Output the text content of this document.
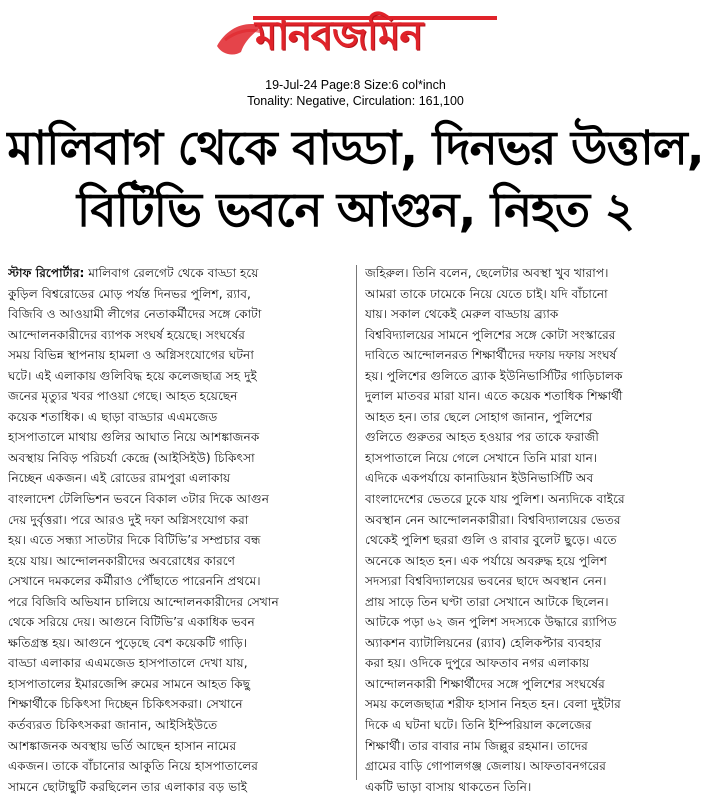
মানবজমিন
19-Jul-24 Page:8 Size:6 col*inch
Tonality: Negative, Circulation: 161,100
মালিবাগ থেকে বাড্ডা, দিনভর উত্তাল,
বিটিভি ভবনে আগুন, নিহত ২
স্টাফ রিপোর্টার: মালিবাগ রেলগেট থেকে বাড্ডা হয়ে
কুড়িল বিশ্বরোডের মোড় পর্যন্ত দিনভর পুলিশ, র‌্যাব,
বিজিবি ও আওয়ামী লীগের নেতাকর্মীদের সঙ্গে কোটা
আন্দোলনকারীদের ব্যাপক সংঘর্ষ হয়েছে। সংঘর্ষের
সময় বিভিন্ন স্থাপনায় হামলা ও অগ্নিসংযোগের ঘটনা
ঘটে। এই এলাকায় গুলিবিদ্ধ হয়ে কলেজছাত্র সহ দুই
জনের মৃত্যুর খবর পাওয়া গেছে। আহত হয়েছেন
কয়েক শতাধিক। এ ছাড়া বাড্ডার এএমজেড
হাসপাতালে মাথায় গুলির আঘাত নিয়ে আশঙ্কাজনক
অবস্থায় নিবিড় পরিচর্যা কেন্দ্রে (আইসিইউ) চিকিৎসা
নিচ্ছেন একজন। এই রোডের রামপুরা এলাকায়
বাংলাদেশ টেলিভিশন ভবনে বিকাল ৩টার দিকে আগুন
দেয় দুর্বৃত্তরা। পরে আরও দুই দফা অগ্নিসংযোগ করা
হয়। এতে সন্ধ্যা সাতটার দিকে বিটিভি’র সম্প্রচার বন্ধ
হয়ে যায়। আন্দোলনকারীদের অবরোধের কারণে
সেখানে দমকলের কর্মীরাও পৌঁছাতে পারেননি প্রথমে।
পরে বিজিবি অভিযান চালিয়ে আন্দোলনকারীদের সেখান
থেকে সরিয়ে দেয়। আগুনে বিটিভি’র একাধিক ভবন
ক্ষতিগ্রস্ত হয়। আগুনে পুড়েছে বেশ কয়েকটি গাড়ি।
বাড্ডা এলাকার এএমজেড হাসপাতালে দেখা যায়,
হাসপাতালের ইমারজেন্সি রুমের সামনে আহত কিছু
শিক্ষার্থীকে চিকিৎসা দিচ্ছেন চিকিৎসকরা। সেখানে
কর্তব্যরত চিকিৎসকরা জানান, আইসিইউতে
আশঙ্কাজনক অবস্থায় ভর্তি আছেন হাসান নামের
একজন। তাকে বাঁচানোর আকুতি নিয়ে হাসপাতালের
সামনে ছোটাছুটি করছিলেন তার এলাকার বড় ভাই
জহিরুল। তিনি বলেন, ছেলেটার অবস্থা খুব খারাপ।
আমরা তাকে ঢামেকে নিয়ে যেতে চাই। যদি বাঁচানো
যায়। সকাল থেকেই মেরুল বাড্ডায় ব্র্যাক
বিশ্ববিদ্যালয়ের সামনে পুলিশের সঙ্গে কোটা সংস্কারের
দাবিতে আন্দোলনরত শিক্ষার্থীদের দফায় দফায় সংঘর্ষ
হয়। পুলিশের গুলিতে ব্র্যাক ইউনিভার্সিটির গাড়িচালক
দুলাল মাতবর মারা যান। এতে কয়েক শতাধিক শিক্ষার্থী
আহত হন। তার ছেলে সোহাগ জানান, পুলিশের
গুলিতে গুরুতর আহত হওয়ার পর তাকে ফরাজী
হাসপাতালে নিয়ে গেলে সেখানে তিনি মারা যান।
এদিকে একপর্যায়ে কানাডিয়ান ইউনিভার্সিটি অব
বাংলাদেশের ভেতরে ঢুকে যায় পুলিশ। অন্যদিকে বাইরে
অবস্থান নেন আন্দোলনকারীরা। বিশ্ববিদ্যালয়ের ভেতর
থেকেই পুলিশ ছররা গুলি ও রাবার বুলেট ছুড়ে। এতে
অনেকে আহত হন। এক পর্যায়ে অবরুদ্ধ হয়ে পুলিশ
সদস্যরা বিশ্ববিদ্যালয়ের ভবনের ছাদে অবস্থান নেন।
প্রায় সাড়ে তিন ঘণ্টা তারা সেখানে আটকে ছিলেন।
আটকে পড়া ৬২ জন পুলিশ সদস্যকে উদ্ধারে র‌্যাপিড
অ্যাকশন ব্যাটালিয়নের (র‌্যাব) হেলিকপ্টার ব্যবহার
করা হয়। ওদিকে দুপুরে আফতাব নগর এলাকায়
আন্দোলনকারী শিক্ষার্থীদের সঙ্গে পুলিশের সংঘর্ষের
সময় কলেজছাত্র শরীফ হাসান নিহত হন। বেলা দুইটার
দিকে এ ঘটনা ঘটে। তিনি ইম্পিরিয়াল কলেজের
শিক্ষার্থী। তার বাবার নাম জিল্লুর রহমান। তাদের
গ্রামের বাড়ি গোপালগঞ্জ জেলায়। আফতাবনগরের
একটি ভাড়া বাসায় থাকতেন তিনি।
